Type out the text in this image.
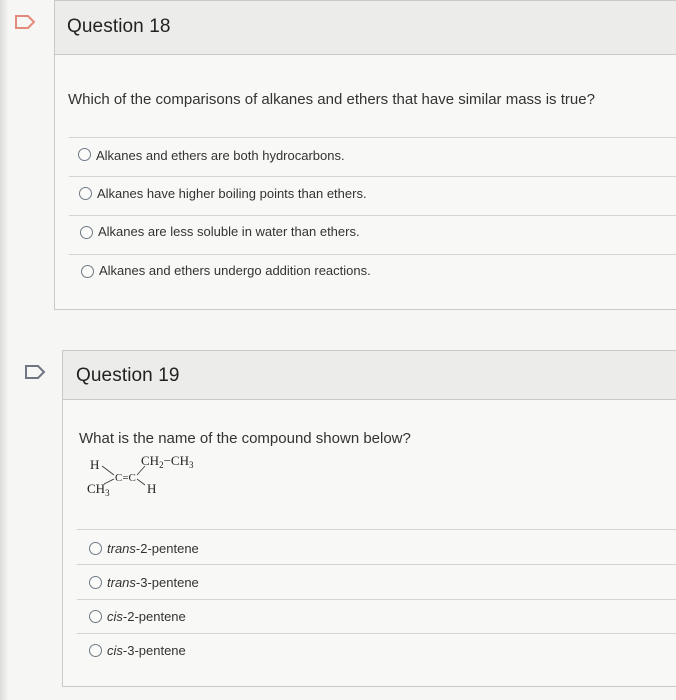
Question 18
Which of the comparisons of alkanes and ethers that have similar mass is true?
Alkanes and ethers are both hydrocarbons.
Alkanes have higher boiling points than ethers.
Alkanes are less soluble in water than ethers.
Alkanes and ethers undergo addition reactions.
Question 19
What is the name of the compound shown below?
H
$CH_3$
C=C
$CH_2-CH_3$
H
trans-2-pentene
trans-3-pentene
cis-2-pentene
cis-3-pentene
